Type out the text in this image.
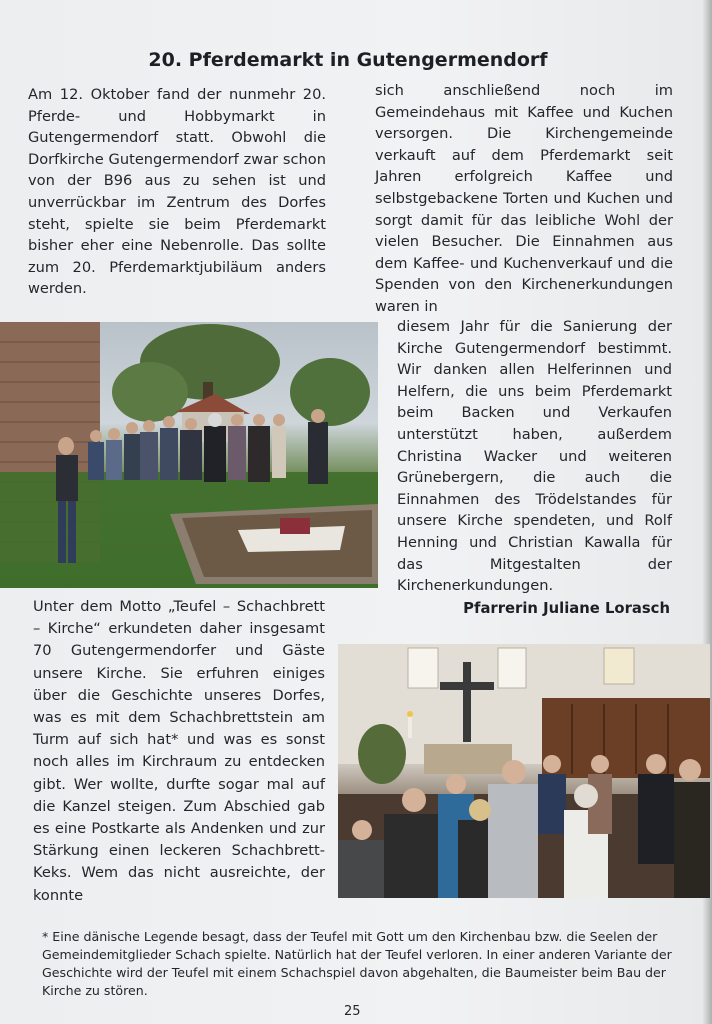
20. Pferdemarkt in Gutengermendorf

Am 12. Oktober fand der nunmehr 20. Pferde- und Hobbymarkt in Gutengermendorf statt. Obwohl die Dorfkirche Gutengermendorf zwar schon von der B96 aus zu sehen ist und unverrückbar im Zentrum des Dorfes steht, spielte sie beim Pferdemarkt bisher eher eine Nebenrolle. Das sollte zum 20. Pferdemarktjubiläum anders werden.

sich anschließend noch im Gemeindehaus mit Kaffee und Kuchen versorgen. Die Kirchengemeinde verkauft auf dem Pferdemarkt seit Jahren erfolgreich Kaffee und selbstgebackene Torten und Kuchen und sorgt damit für das leibliche Wohl der vielen Besucher. Die Einnahmen aus dem Kaffee- und Kuchenverkauf und die Spenden von den Kirchenerkundungen waren in

diesem Jahr für die Sanierung der Kirche Gutengermendorf bestimmt. Wir danken allen Helferinnen und Helfern, die uns beim Pferdemarkt beim Backen und Verkaufen unterstützt haben, außerdem Christina Wacker und weiteren Grünebergern, die auch die Einnahmen des Trödelstandes für unsere Kirche spendeten, und Rolf Henning und Christian Kawalla für das Mitgestalten der Kirchenerkundungen.

Unter dem Motto „Teufel – Schachbrett – Kirche“ erkundeten daher insgesamt 70 Gutengermendorfer und Gäste unsere Kirche. Sie erfuhren einiges über die Geschichte unseres Dorfes, was es mit dem Schachbrettstein am Turm auf sich hat* und was es sonst noch alles im Kirchraum zu entdecken gibt. Wer wollte, durfte sogar mal auf die Kanzel steigen. Zum Abschied gab es eine Postkarte als Andenken und zur Stärkung einen leckeren Schachbrett-Keks. Wem das nicht ausreichte, der konnte

Pfarrerin Juliane Lorasch

* Eine dänische Legende besagt, dass der Teufel mit Gott um den Kirchenbau bzw. die Seelen der Gemeindemitglieder Schach spielte. Natürlich hat der Teufel verloren. In einer anderen Variante der Geschichte wird der Teufel mit einem Schachspiel davon abgehalten, die Baumeister beim Bau der Kirche zu stören.

25
